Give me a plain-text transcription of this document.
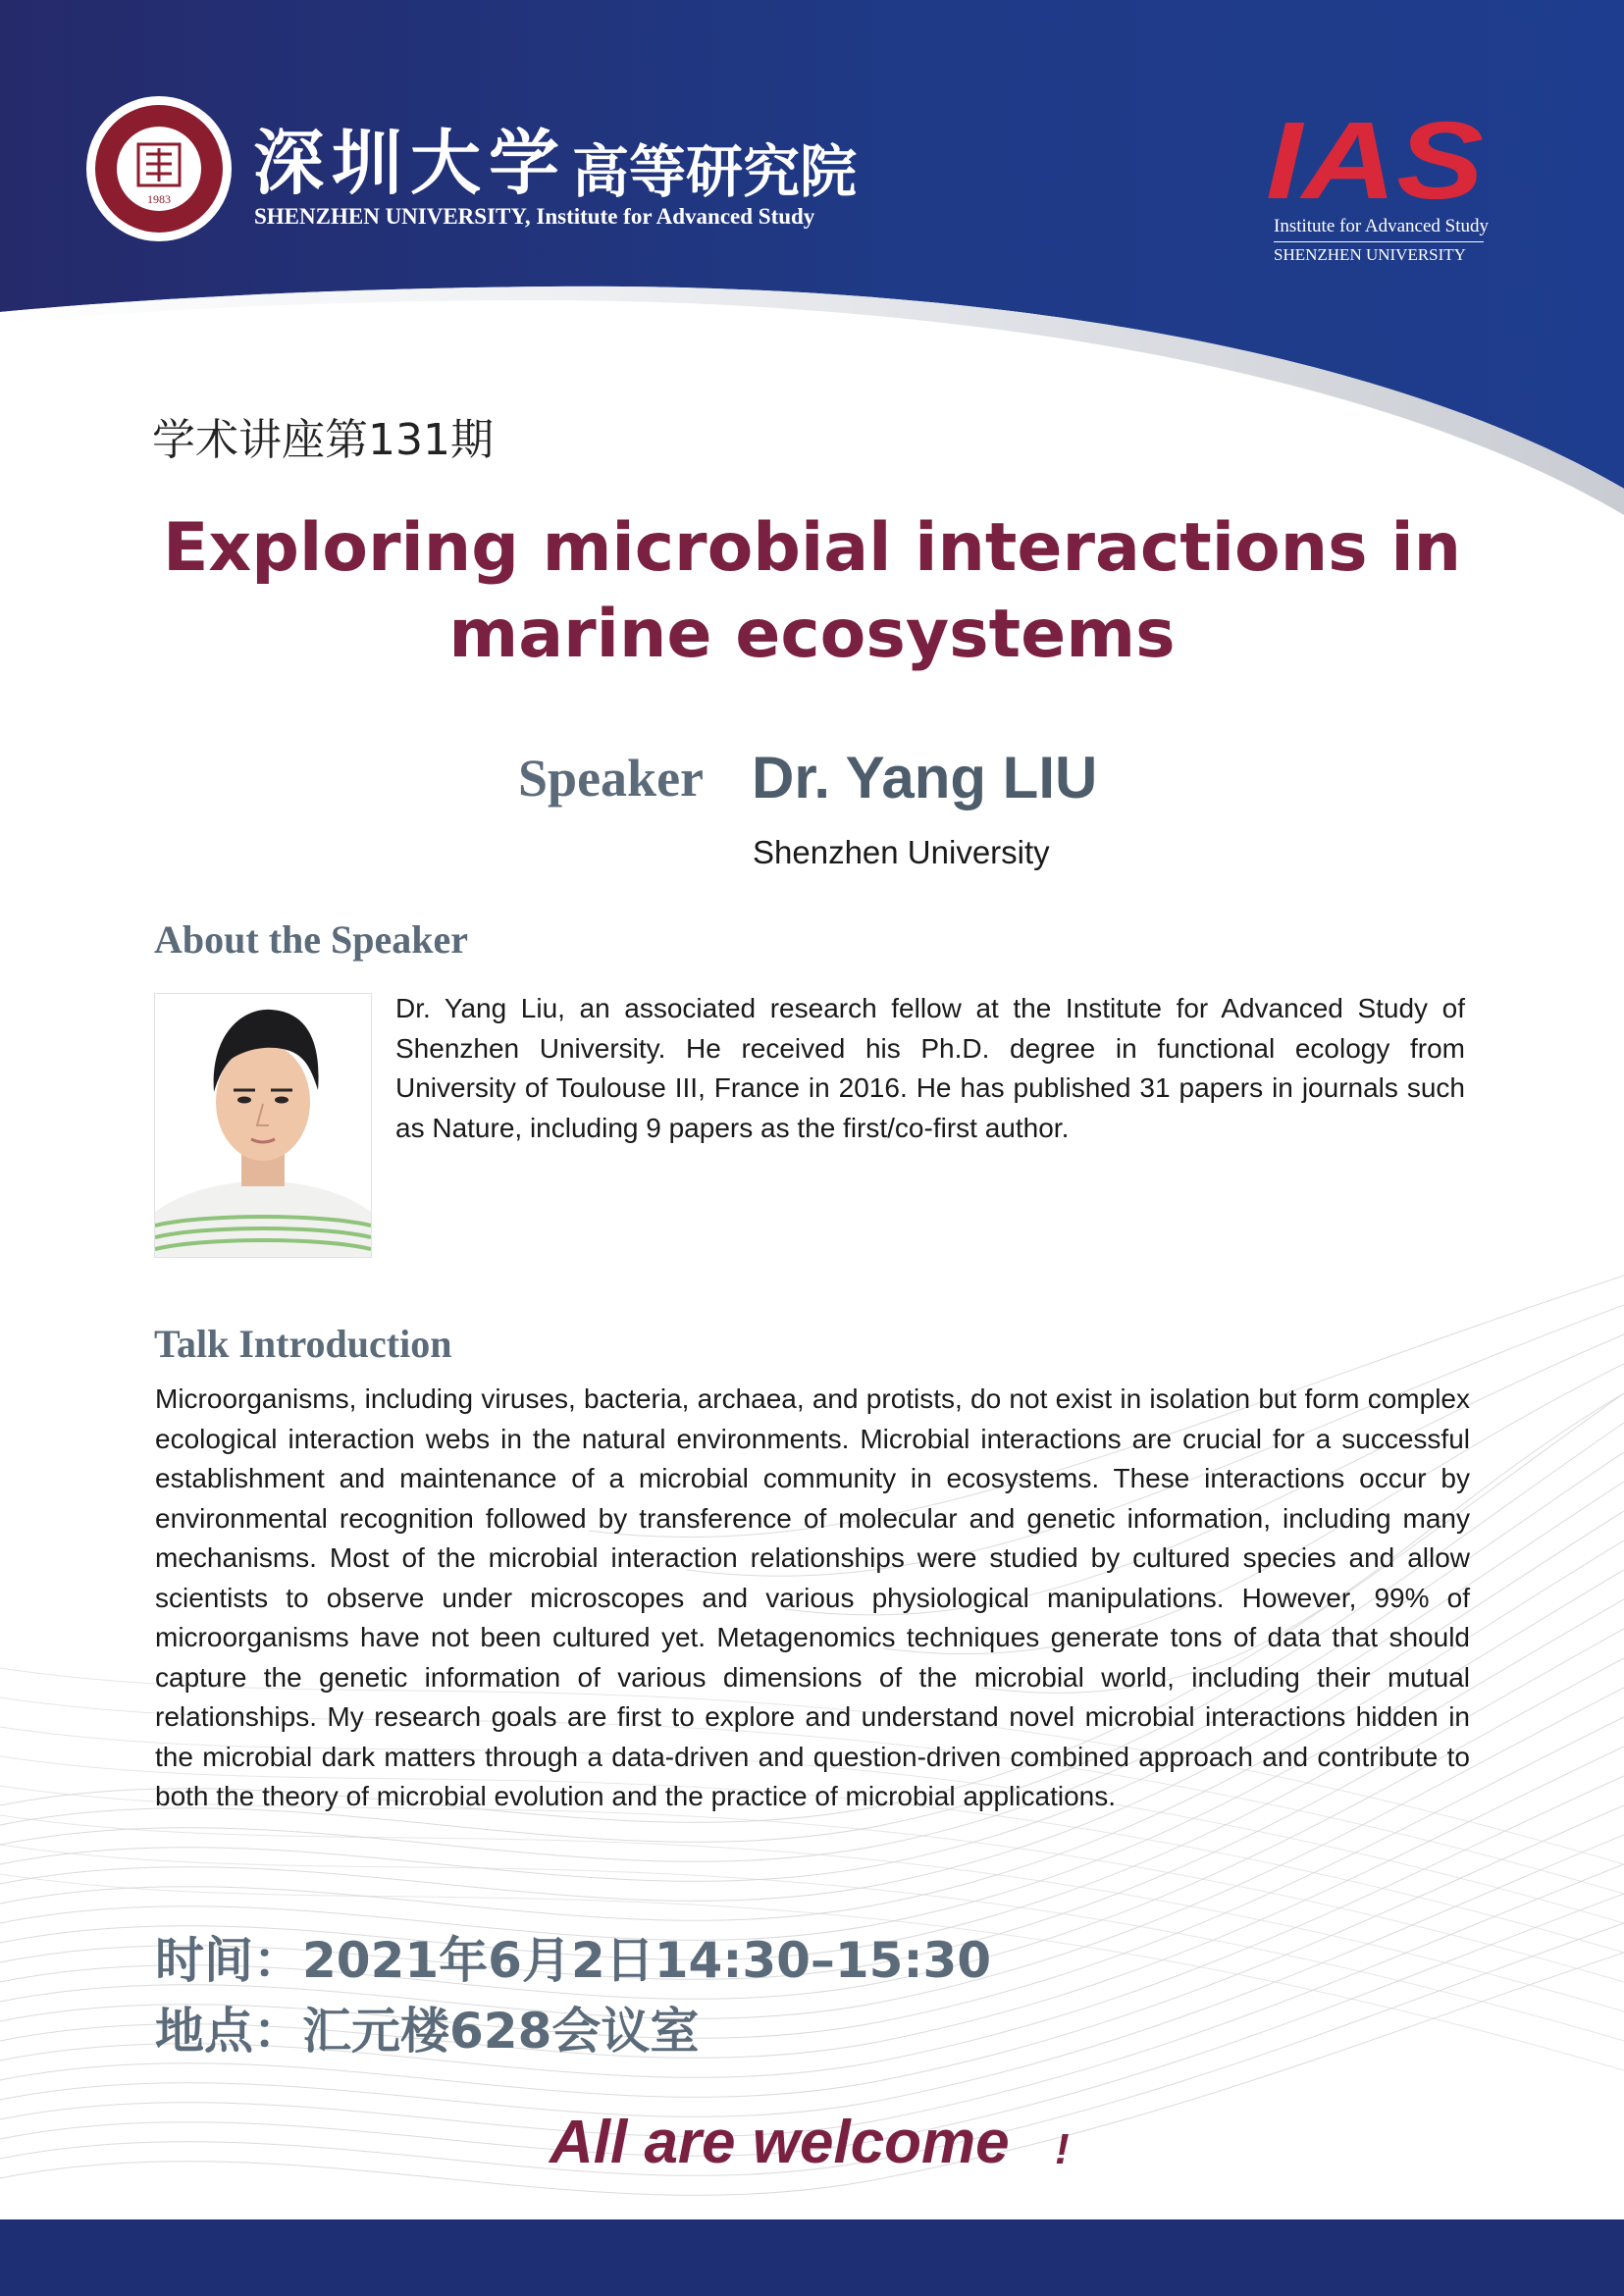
1983 深圳大学 高等研究院
SHENZHEN UNIVERSITY, Institute for Advanced Study	IAS
Institute for Advanced Study
SHENZHEN UNIVERSITY
学术讲座第131期
Exploring microbial interactions in
marine ecosystems
Speaker Dr. Yang LIU
Shenzhen University
About the Speaker
Dr. Yang Liu, an associated research fellow at the Institute for Advanced Study of Shenzhen University. He received his Ph.D. degree in functional ecology from University of Toulouse III, France in 2016. He has published 31 papers in journals such as Nature, including 9 papers as the first/co-first author.
Talk Introduction
Microorganisms, including viruses, bacteria, archaea, and protists, do not exist in isolation but form complex ecological interaction webs in the natural environments. Microbial interactions are crucial for a successful establishment and maintenance of a microbial community in ecosystems. These interactions occur by environmental recognition followed by transference of molecular and genetic information, including many mechanisms. Most of the microbial interaction relationships were studied by cultured species and allow scientists to observe under microscopes and various physiological manipulations. However, 99% of microorganisms have not been cultured yet. Metagenomics techniques generate tons of data that should capture the genetic information of various dimensions of the microbial world, including their mutual relationships. My research goals are first to explore and understand novel microbial interactions hidden in the microbial dark matters through a data-driven and question-driven combined approach and contribute to both the theory of microbial evolution and the practice of microbial applications.
时间：2021年6月2日14:30–15:30
地点：汇元楼628会议室
All are welcome !
